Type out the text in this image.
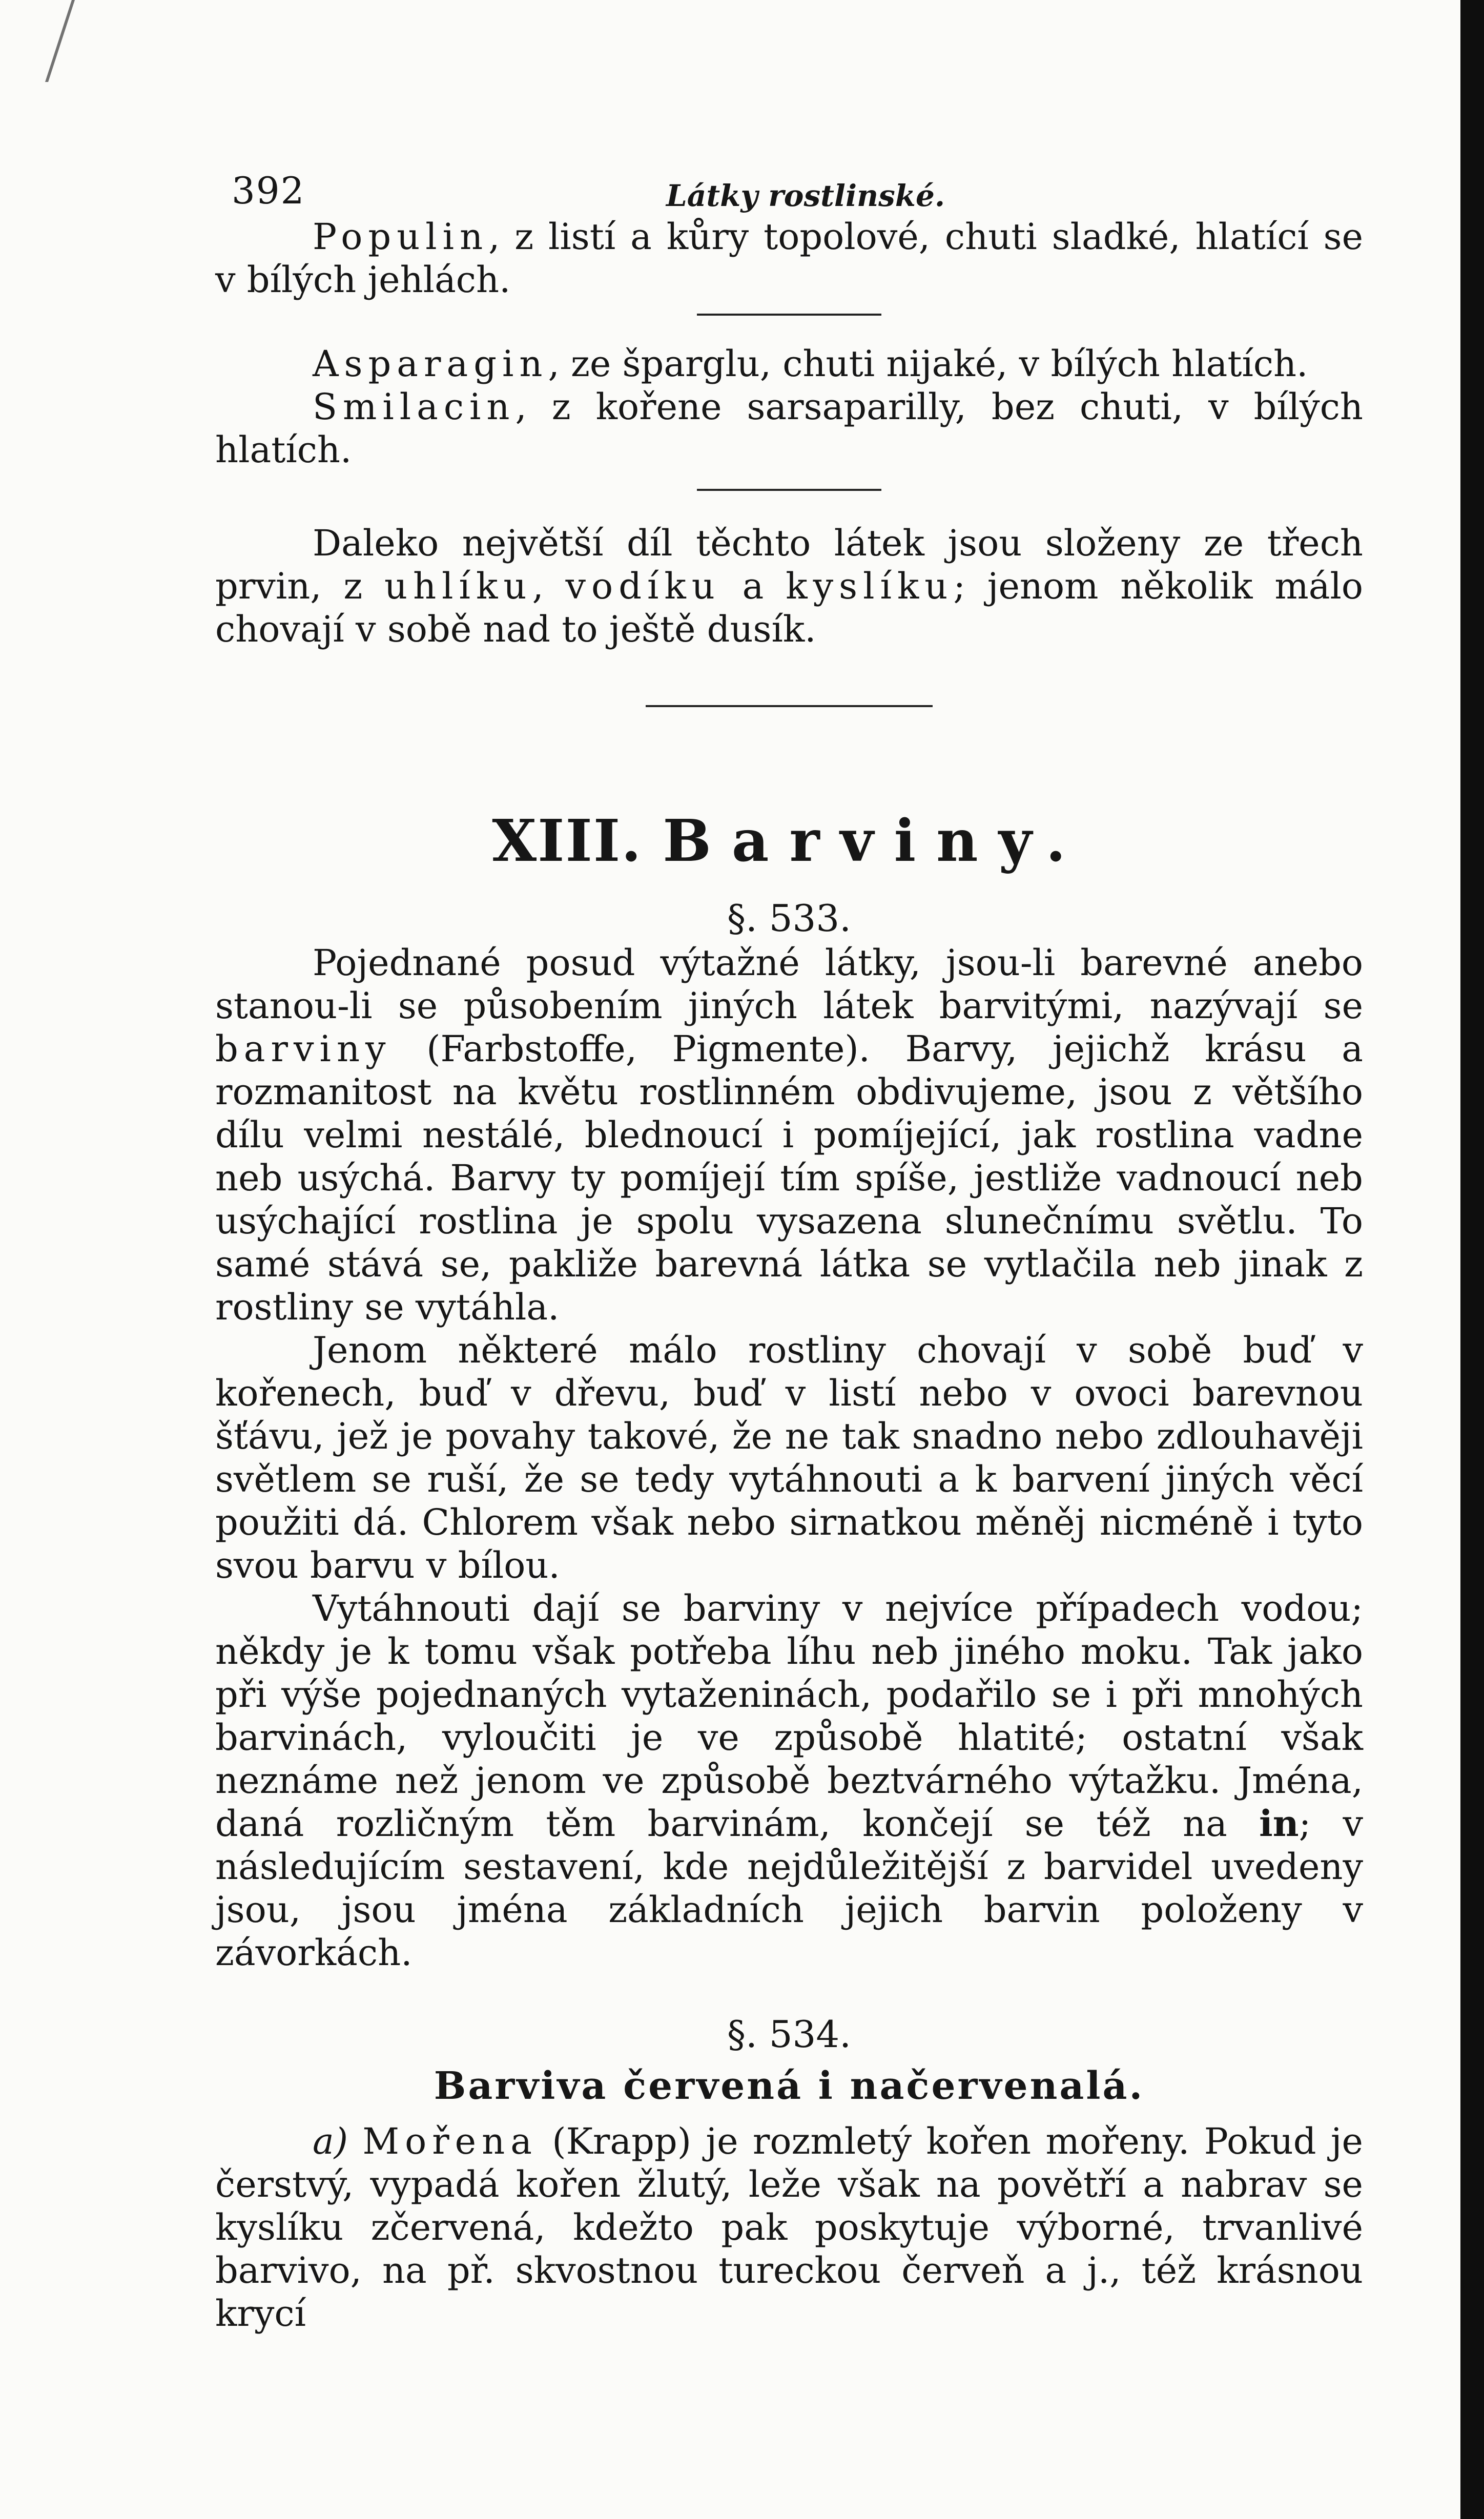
392	Látky rostlinské.

Populin, z listí a kůry topolové, chuti sladké, hlatící se v bílých jehlách.

Asparagin, ze šparglu, chuti nijaké, v bílých hlatích.

Smilacin, z kořene sarsaparilly, bez chuti, v bílých hlatích.

Daleko největší díl těchto látek jsou složeny ze třech prvin, z uhlíku, vodíku a kyslíku; jenom několik málo chovají v sobě nad to ještě dusík.

XIII. Barviny.

§. 533.

Pojednané posud výtažné látky, jsou-li barevné anebo stanou-li se působením jiných látek barvitými, nazývají se barviny (Farbstoffe, Pigmente). Barvy, jejichž krásu a rozmanitost na květu rostlinném obdivujeme, jsou z většího dílu velmi nestálé, blednoucí i pomíjející, jak rostlina vadne neb usýchá. Barvy ty pomíjejí tím spíše, jestliže vadnoucí neb usýchající rostlina je spolu vysazena slunečnímu světlu. To samé stává se, pakliže barevná látka se vytlačila neb jinak z rostliny se vytáhla.

Jenom některé málo rostliny chovají v sobě buď v kořenech, buď v dřevu, buď v listí nebo v ovoci barevnou šťávu, jež je povahy takové, že ne tak snadno nebo zdlouhavěji světlem se ruší, že se tedy vytáhnouti a k barvení jiných věcí použiti dá. Chlorem však nebo sirnatkou měněj nicméně i tyto svou barvu v bílou.

Vytáhnouti dají se barviny v nejvíce případech vodou; někdy je k tomu však potřeba líhu neb jiného moku. Tak jako při výše pojednaných vytaženinách, podařilo se i při mnohých barvinách, vyloučiti je ve způsobě hlatité; ostatní však neznáme než jenom ve způsobě beztvárného výtažku. Jména, daná rozličným těm barvinám, končejí se též na in; v následujícím sestavení, kde nejdůležitější z barvidel uvedeny jsou, jsou jména základních jejich barvin položeny v závorkách.

§. 534.

Barviva červená i načervenalá.

a) Mořena (Krapp) je rozmletý kořen mořeny. Pokud je čerstvý, vypadá kořen žlutý, leže však na povětří a nabrav se kyslíku zčervená, kdežto pak poskytuje výborné, trvanlivé barvivo, na př. skvostnou tureckou červeň a j., též krásnou krycí
